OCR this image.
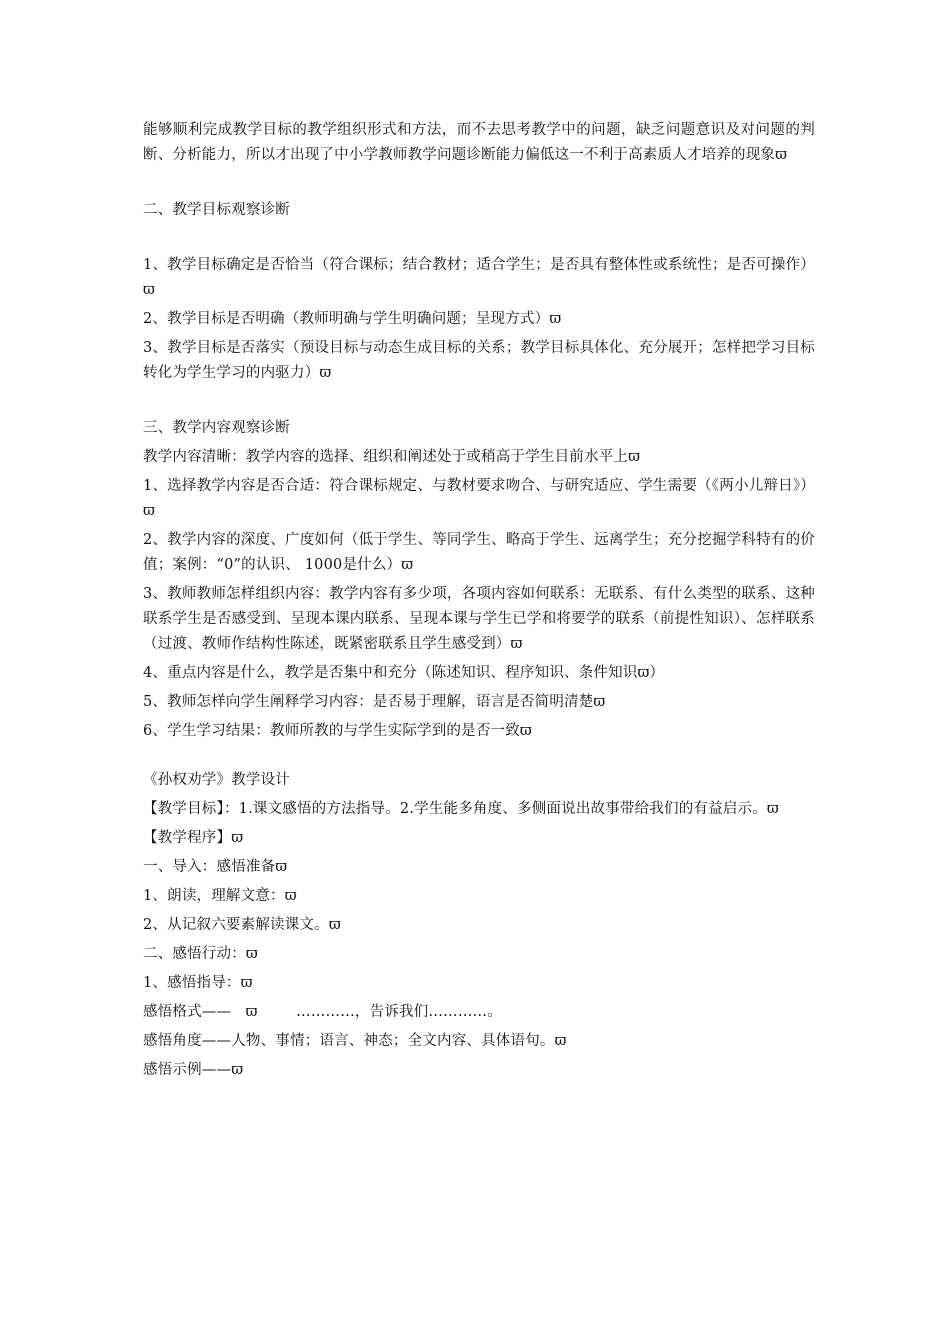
能够顺利完成教学目标的教学组织形式和方法，而不去思考教学中的问题，缺乏问题意识及对问题的判断、分析能力，所以才出现了中小学教师教学问题诊断能力偏低这一不利于高素质人才培养的现象ϖ

二、教学目标观察诊断

1、教学目标确定是否恰当（符合课标；结合教材；适合学生；是否具有整体性或系统性；是否可操作）ϖ

2、教学目标是否明确（教师明确与学生明确问题；呈现方式）ϖ

3、教学目标是否落实（预设目标与动态生成目标的关系；教学目标具体化、充分展开；怎样把学习目标转化为学生学习的内驱力）ϖ

三、教学内容观察诊断

教学内容清晰：教学内容的选择、组织和阐述处于或稍高于学生目前水平上ϖ

1、选择教学内容是否合适：符合课标规定、与教材要求吻合、与研究适应、学生需要（《两小儿辩日》）ϖ

2、教学内容的深度、广度如何（低于学生、等同学生、略高于学生、远离学生；充分挖掘学科特有的价值；案例：“0”的认识、 1000是什么）ϖ

3、教师教师怎样组织内容：教学内容有多少项，各项内容如何联系：无联系、有什么类型的联系、这种联系学生是否感受到、呈现本课内联系、呈现本课与学生已学和将要学的联系（前提性知识）、怎样联系（过渡、教师作结构性陈述，既紧密联系且学生感受到）ϖ

4、重点内容是什么，教学是否集中和充分（陈述知识、程序知识、条件知识ϖ）

5、教师怎样向学生阐释学习内容：是否易于理解，语言是否简明清楚ϖ

6、学生学习结果：教师所教的与学生实际学到的是否一致ϖ

《孙权劝学》教学设计

【教学目标】：1.课文感悟的方法指导。2.学生能多角度、多侧面说出故事带给我们的有益启示。ϖ

【教学程序】ϖ

一、导入：感悟准备ϖ

1、朗读，理解文意：ϖ

2、从记叙六要素解读课文。ϖ

二、感悟行动：ϖ

1、感悟指导：ϖ

感悟格式——   ϖ        …………，告诉我们…………。

感悟角度——人物、事情；语言、神态；全文内容、具体语句。ϖ

感悟示例——ϖ
